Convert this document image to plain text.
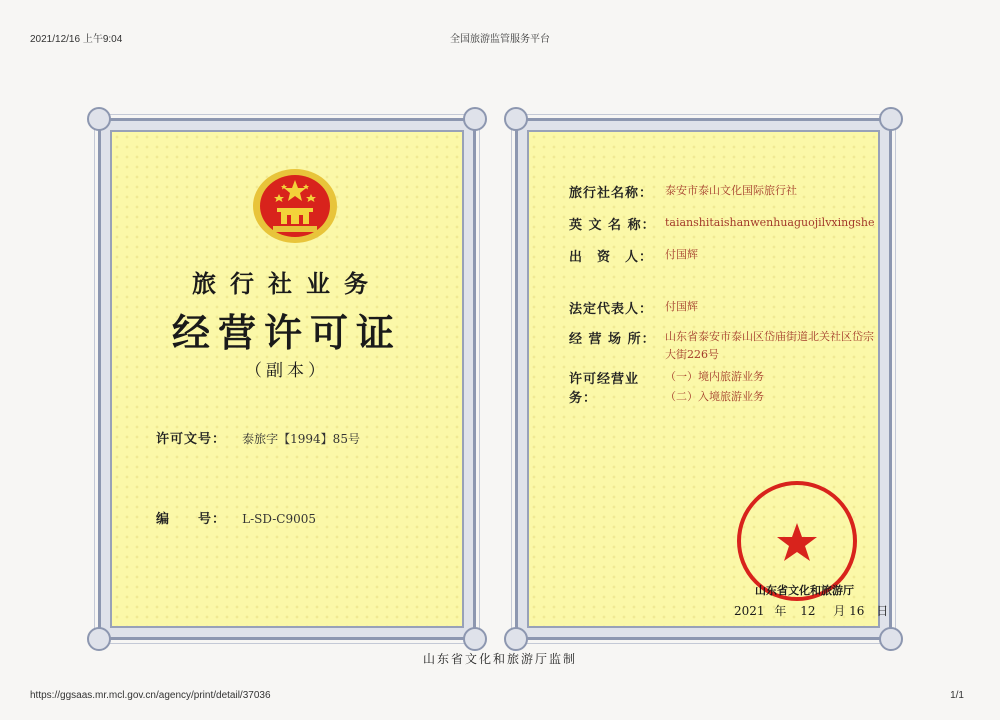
2021/12/16 上午9:04	全国旅游监管服务平台
旅行社业务
经营许可证
（副本）
许可文号： 泰旅字【1994】85号
编　　号： L-SD-C9005
旅行社名称： 泰安市泰山文化国际旅行社
英 文 名 称： taianshitaishanwenhuaguojilvxingshe
出　资　人： 付国辉
法定代表人： 付国辉
经 营 场 所： 山东省泰安市泰山区岱庙街道北关社区岱宗大街226号
许可经营业务：（一）境内旅游业务
（二）入境旅游业务
山东省文化和旅游厅
2021 年 12 月 16 日
山东省文化和旅游厅监制
https://ggsaas.mr.mcl.gov.cn/agency/print/detail/37036	1/1
